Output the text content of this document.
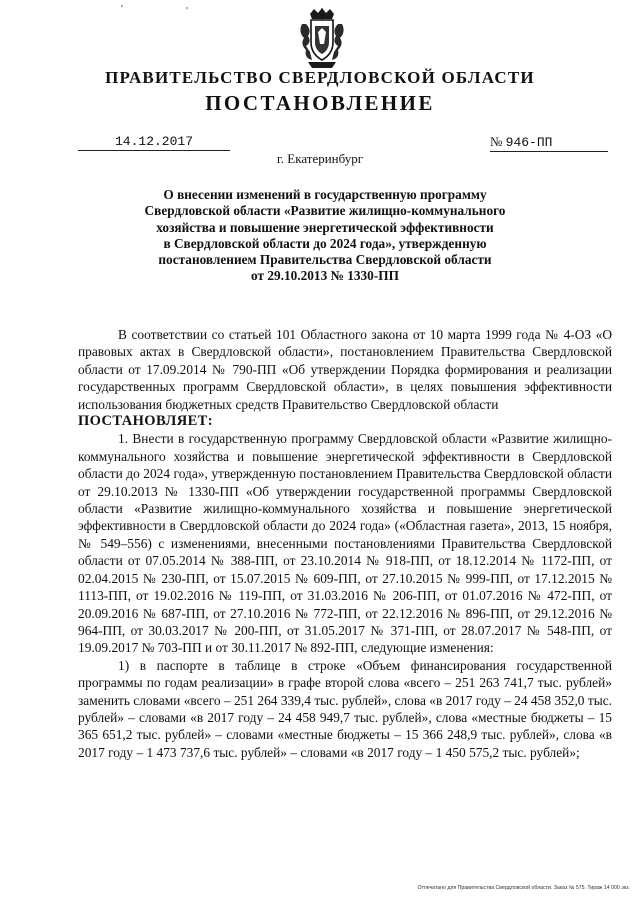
'	'
ПРАВИТЕЛЬСТВО СВЕРДЛОВСКОЙ ОБЛАСТИ
ПОСТАНОВЛЕНИЕ
14.12.2017	№ 946-ПП
г. Екатеринбург
О внесении изменений в государственную программу
Свердловской области «Развитие жилищно-коммунального
хозяйства и повышение энергетической эффективности
в Свердловской области до 2024 года», утвержденную
постановлением Правительства Свердловской области
от 29.10.2013 № 1330-ПП

В соответствии со статьей 101 Областного закона от 10 марта 1999 года № 4-ОЗ «О правовых актах в Свердловской области», постановлением Правительства Свердловской области от 17.09.2014 № 790-ПП «Об утверждении Порядка формирования и реализации государственных программ Свердловской области», в целях повышения эффективности использования бюджетных средств Правительство Свердловской области

ПОСТАНОВЛЯЕТ:

1. Внести в государственную программу Свердловской области «Развитие жилищно-коммунального хозяйства и повышение энергетической эффективности в Свердловской области до 2024 года», утвержденную постановлением Правительства Свердловской области от 29.10.2013 № 1330-ПП «Об утверждении государственной программы Свердловской области «Развитие жилищно-коммунального хозяйства и повышение энергетической эффективности в Свердловской области до 2024 года» («Областная газета», 2013, 15 ноября, № 549–556) с изменениями, внесенными постановлениями Правительства Свердловской области от 07.05.2014 № 388-ПП, от 23.10.2014 № 918-ПП, от 18.12.2014 № 1172-ПП, от 02.04.2015 № 230-ПП, от 15.07.2015 № 609-ПП, от 27.10.2015 № 999-ПП, от 17.12.2015 № 1113-ПП, от 19.02.2016 № 119-ПП, от 31.03.2016 № 206-ПП, от 01.07.2016 № 472-ПП, от 20.09.2016 № 687-ПП, от 27.10.2016 № 772-ПП, от 22.12.2016 № 896-ПП, от 29.12.2016 № 964-ПП, от 30.03.2017 № 200-ПП, от 31.05.2017 № 371-ПП, от 28.07.2017 № 548-ПП, от 19.09.2017 № 703-ПП и от 30.11.2017 № 892-ПП, следующие изменения:

1) в паспорте в таблице в строке «Объем финансирования государственной программы по годам реализации» в графе второй слова «всего – 251 263 741,7 тыс. рублей» заменить словами «всего – 251 264 339,4 тыс. рублей», слова «в 2017 году – 24 458 352,0 тыс. рублей» – словами «в 2017 году – 24 458 949,7 тыс. рублей», слова «местные бюджеты – 15 365 651,2 тыс. рублей» – словами «местные бюджеты – 15 366 248,9 тыс. рублей», слова «в 2017 году – 1 473 737,6 тыс. рублей» – словами «в 2017 году – 1 450 575,2 тыс. рублей»;

Отпечатано для Правительства Свердловской области. Заказ № 575. Тираж 14 000 экз.
